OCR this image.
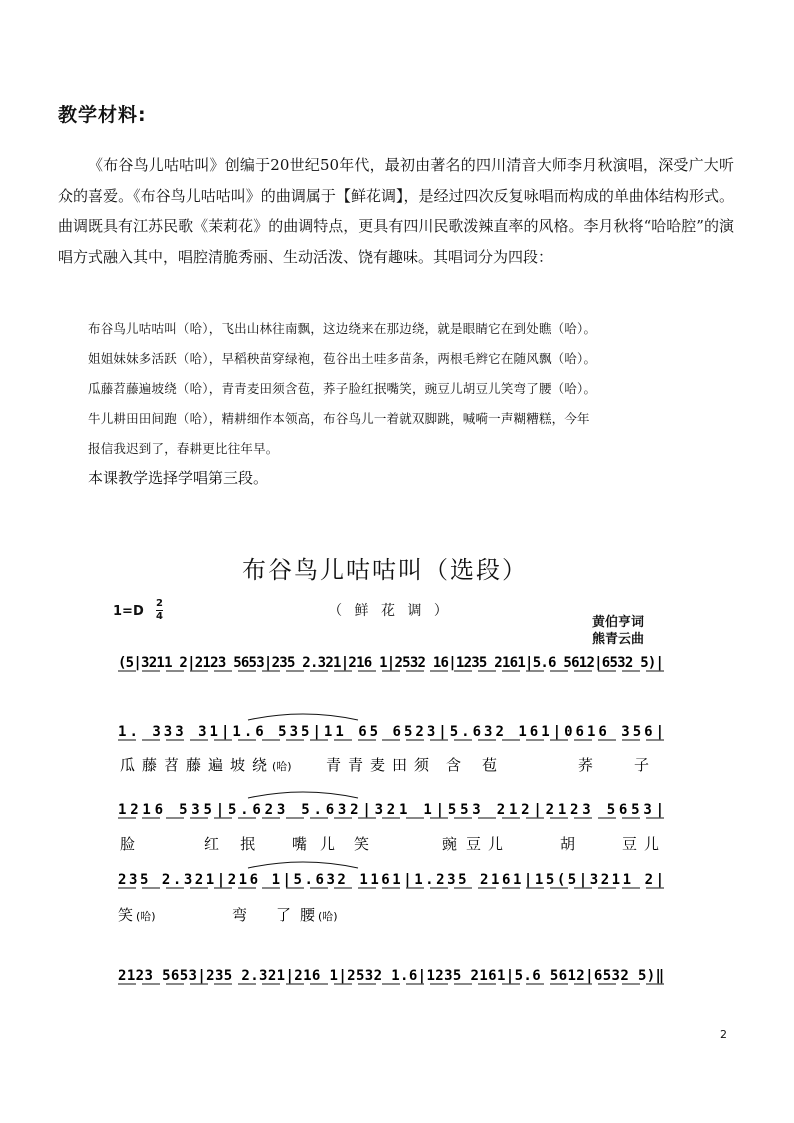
教学材料:
《布谷鸟儿咕咕叫》创编于20世纪50年代，最初由著名的四川清音大师李月秋演唱，深受广大听众的喜爱。《布谷鸟儿咕咕叫》的曲调属于【鲜花调】，是经过四次反复咏唱而构成的单曲体结构形式。曲调既具有江苏民歌《茉莉花》的曲调特点，更具有四川民歌泼辣直率的风格。李月秋将“哈哈腔”的演唱方式融入其中，唱腔清脆秀丽、生动活泼、饶有趣味。其唱词分为四段：
布谷鸟儿咕咕叫（哈），飞出山林往南飘，这边绕来在那边绕，就是眼睛它在到处瞧（哈）。
姐姐妹妹多活跃（哈），早稻秧苗穿绿袍，苞谷出土哇多苗条，两根毛辫它在随风飘（哈）。
瓜藤苕藤遍坡绕（哈），青青麦田须含苞，荞子脸红抿嘴笑，豌豆儿胡豆儿笑弯了腰（哈）。
牛儿耕田田间跑（哈），精耕细作本领高，布谷鸟儿一着就双脚跳，喊嗬一声糊糟糕，今年
报信我迟到了，春耕更比往年早。
本课教学选择学唱第三段。
布谷鸟儿咕咕叫（选段）
1=D
2
4	（ 鲜 花 调 ）
黄伯亨词
熊青云曲
(5|3211 2|2123 5653|235 2.321|216 1|2532 16|1235 2161|5.6 5612|6532 5)|
1. 333 31|1.6 535|11 65 6523|5.632 161|0616 356|
瓜 藤 苕 藤 遍 坡 绕 (哈) 青 青 麦 田 须 含 苞	荞	子
1216 535|5.623 5.632|321 1|553 212|2123 5653|
脸	红 抿 嘴 儿 笑	豌 豆 儿	胡	豆 儿
235 2.321|216 1|5.632 1161|1.235 2161|15(5|3211 2|
笑 (哈)	弯 了 腰 (哈)
2123 5653|235 2.321|216 1|2532 1.6|1235 2161|5.6 5612|6532 5)‖
2
